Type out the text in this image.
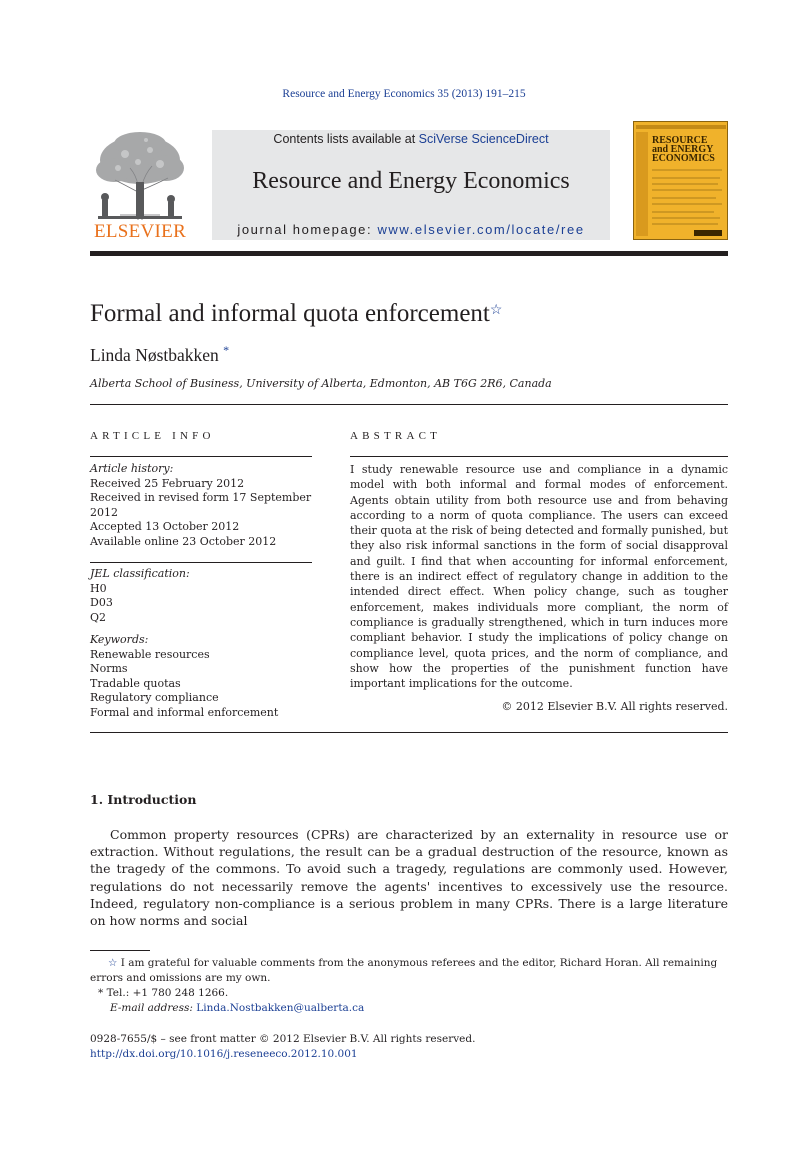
Resource and Energy Economics 35 (2013) 191–215
ELSEVIER
Contents lists available at SciVerse ScienceDirect
Resource and Energy Economics
journal homepage: www.elsevier.com/locate/ree
RESOURCE
and ENERGY
ECONOMICS
Formal and informal quota enforcement☆
Linda Nøstbakken *
Alberta School of Business, University of Alberta, Edmonton, AB T6G 2R6, Canada
ARTICLE INFO	ABSTRACT
Article history:
Received 25 February 2012
Received in revised form 17 September 2012
Accepted 13 October 2012
Available online 23 October 2012
JEL classification:
H0
D03
Q2
Keywords:
Renewable resources
Norms
Tradable quotas
Regulatory compliance
Formal and informal enforcement
I study renewable resource use and compliance in a dynamic model with both informal and formal modes of enforcement. Agents obtain utility from both resource use and from behaving according to a norm of quota compliance. The users can exceed their quota at the risk of being detected and formally punished, but they also risk informal sanctions in the form of social disapproval and guilt. I find that when accounting for informal enforcement, there is an indirect effect of regulatory change in addition to the intended direct effect. When policy change, such as tougher enforcement, makes individuals more compliant, the norm of compliance is gradually strengthened, which in turn induces more compliant behavior. I study the implications of policy change on compliance level, quota prices, and the norm of compliance, and show how the properties of the punishment function have important implications for the outcome.
© 2012 Elsevier B.V. All rights reserved.
1. Introduction
Common property resources (CPRs) are characterized by an externality in resource use or extraction. Without regulations, the result can be a gradual destruction of the resource, known as the tragedy of the commons. To avoid such a tragedy, regulations are commonly used. However, regulations do not necessarily remove the agents' incentives to excessively use the resource. Indeed, regulatory non-compliance is a serious problem in many CPRs. There is a large literature on how norms and social
☆ I am grateful for valuable comments from the anonymous referees and the editor, Richard Horan. All remaining errors and omissions are my own.
* Tel.: +1 780 248 1266.
E-mail address: Linda.Nostbakken@ualberta.ca
0928-7655/$ – see front matter © 2012 Elsevier B.V. All rights reserved.
http://dx.doi.org/10.1016/j.reseneeco.2012.10.001
